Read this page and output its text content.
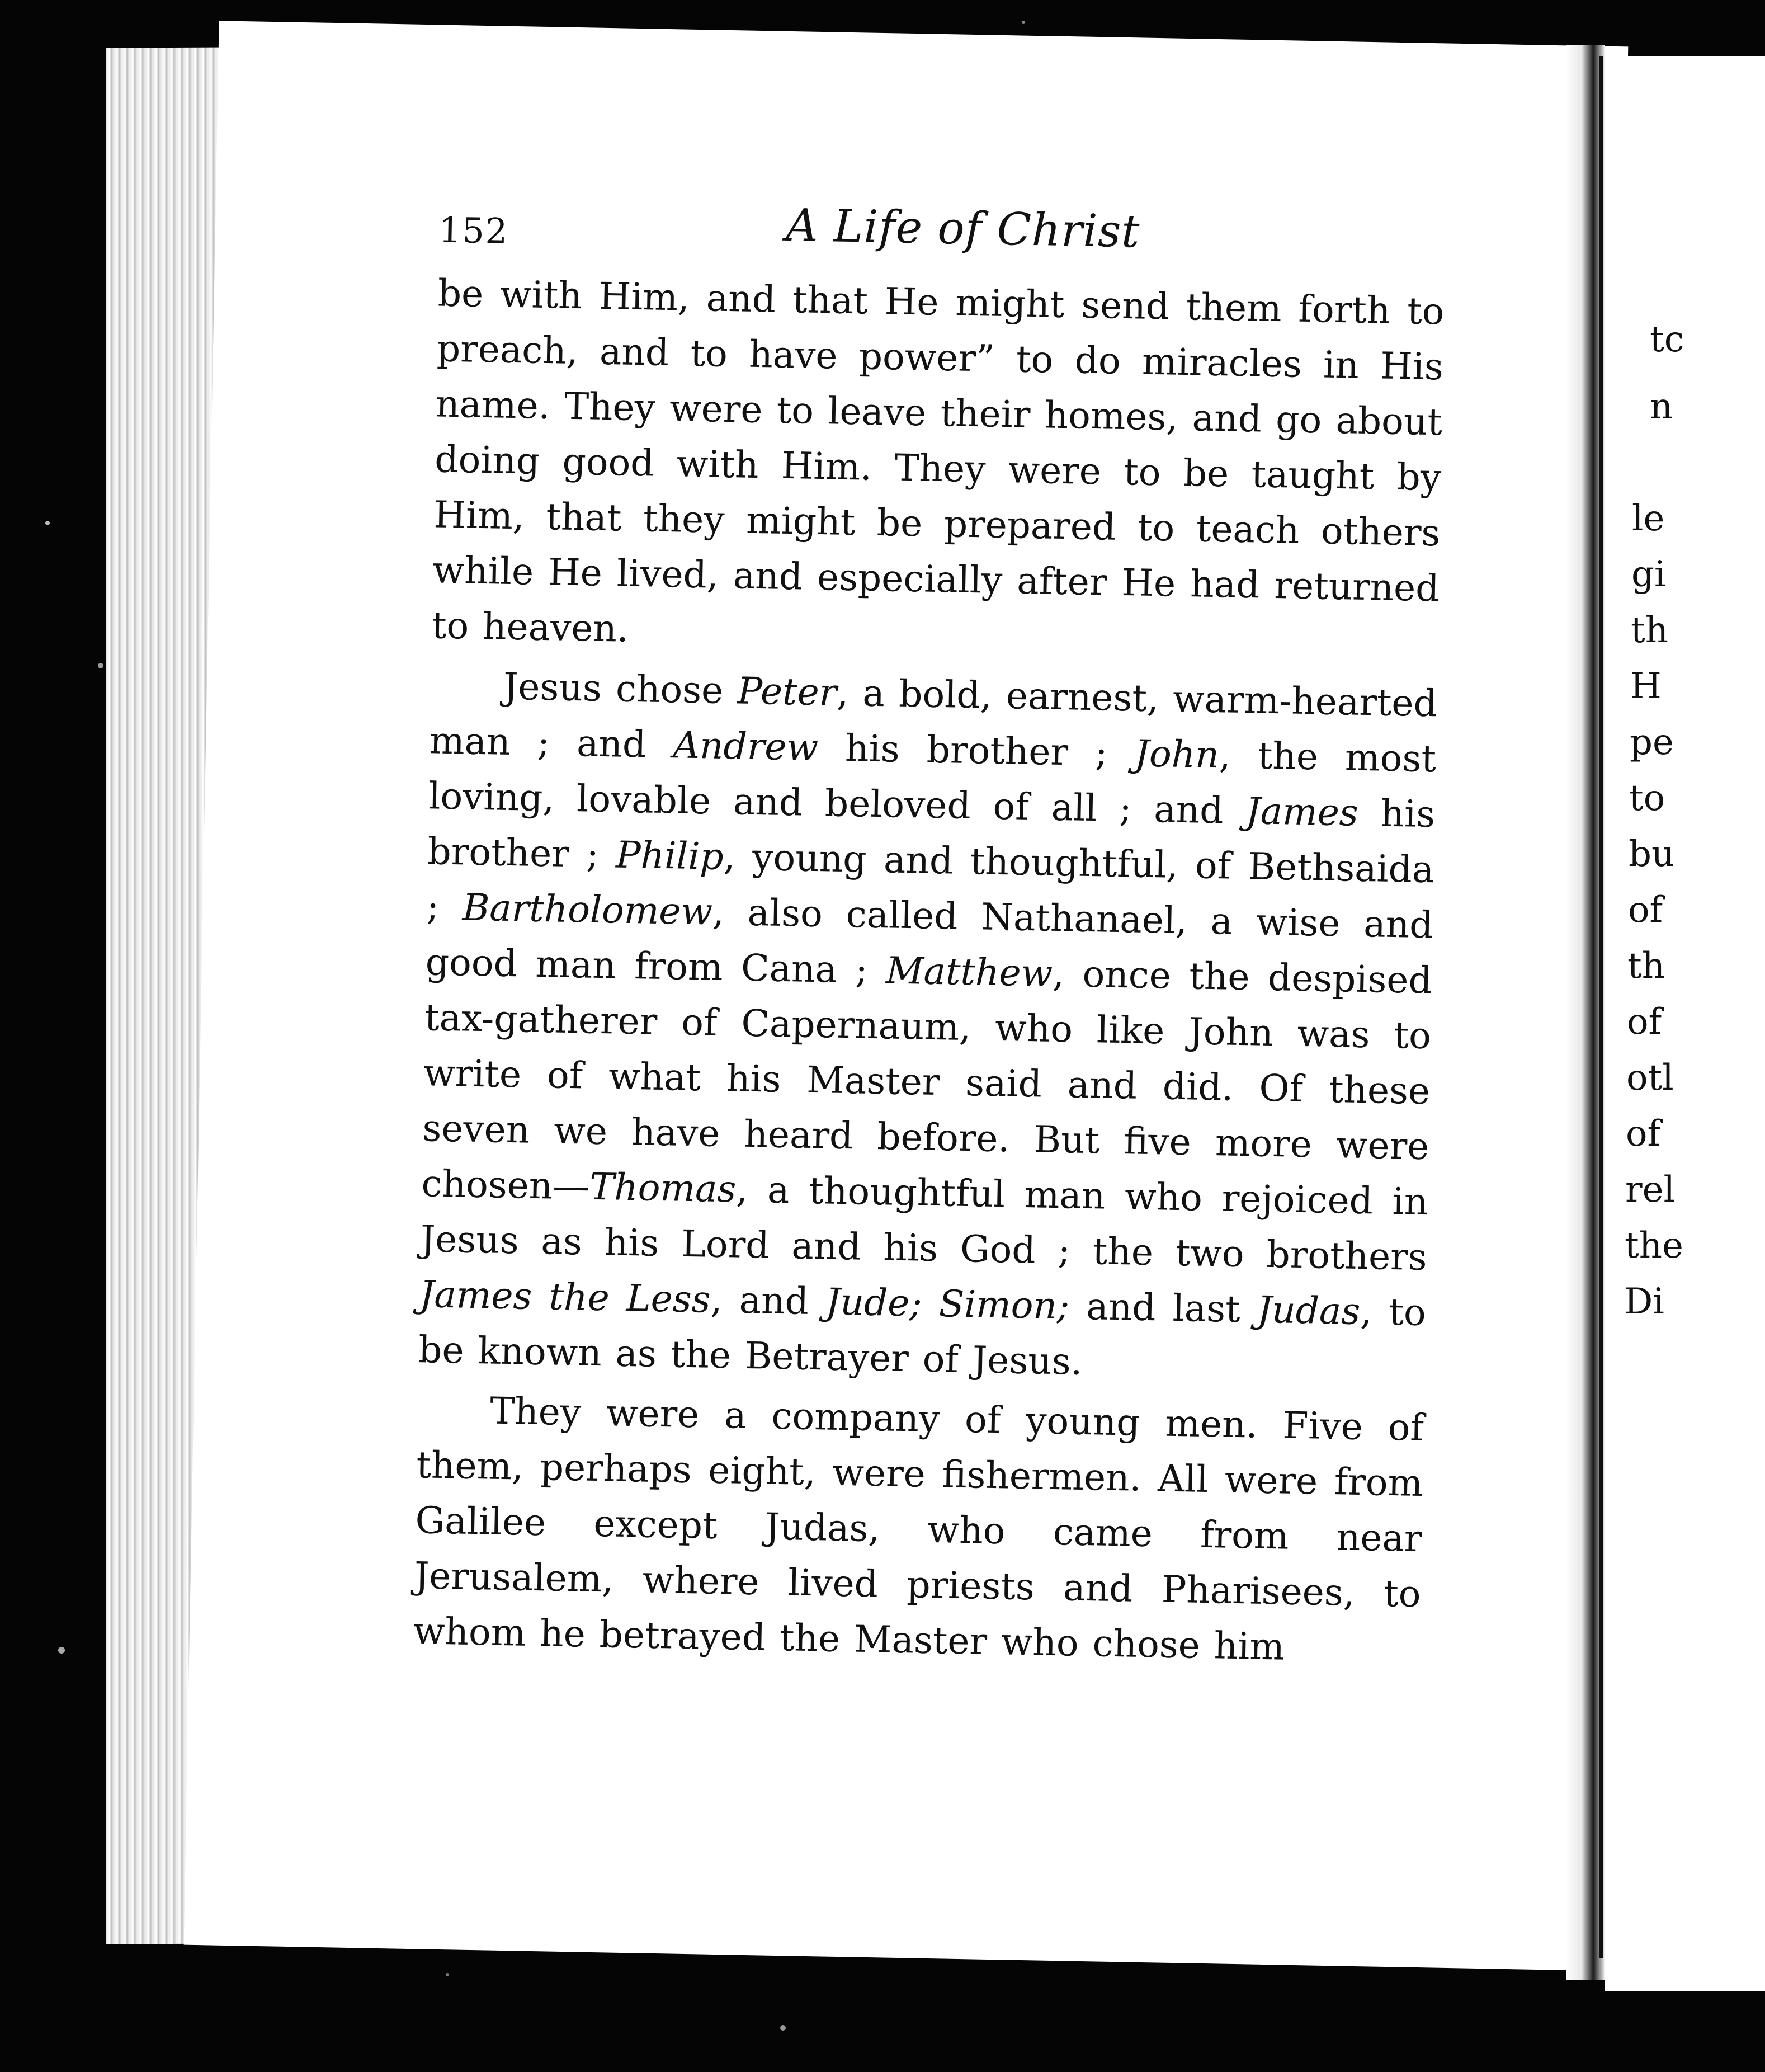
152	A Life of Christ

be with Him, and that He might send them forth to preach, and to have power” to do miracles in His name. They were to leave their homes, and go about doing good with Him. They were to be taught by Him, that they might be prepared to teach others while He lived, and especially after He had returned to heaven.

Jesus chose Peter, a bold, earnest, warm-hearted man ; and Andrew his brother ; John, the most loving, lovable and beloved of all ; and James his brother ; Philip, young and thoughtful, of Bethsaida ; Bartholomew, also called Nathanael, a wise and good man from Cana ; Matthew, once the despised tax-gatherer of Capernaum, who like John was to write of what his Master said and did. Of these seven we have heard before. But five more were chosen—Thomas, a thoughtful man who rejoiced in Jesus as his Lord and his God ; the two brothers James the Less, and Jude; Simon; and last Judas, to be known as the Betrayer of Jesus.

They were a company of young men. Five of them, perhaps eight, were fishermen. All were from Galilee except Judas, who came from near Jerusalem, where lived priests and Pharisees, to whom he betrayed the Master who chose him

tc
n
le
gi
th
H
pe
to
bu
of
th
of
otl
of
rel
the
Di
